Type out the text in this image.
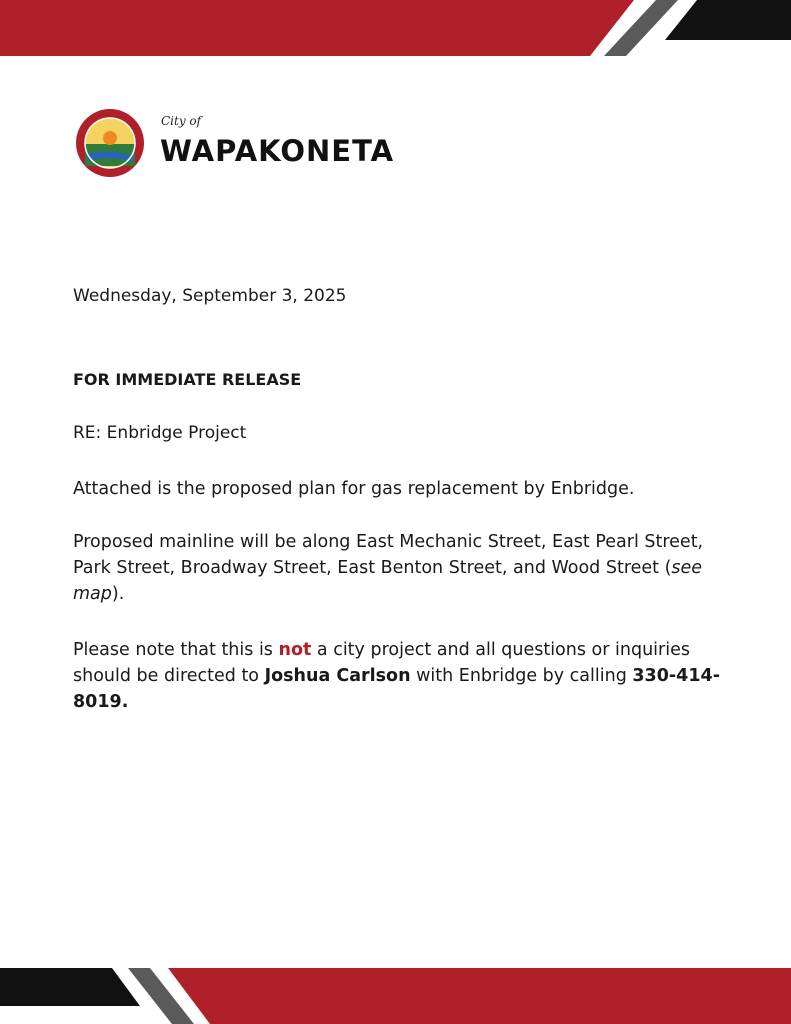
City of
WAPAKONETA
Wednesday, September 3, 2025
FOR IMMEDIATE RELEASE
RE: Enbridge Project

Attached is the proposed plan for gas replacement by Enbridge.

Proposed mainline will be along East Mechanic Street, East Pearl Street, Park Street, Broadway Street, East Benton Street, and Wood Street (see map).

Please note that this is not a city project and all questions or inquiries should be directed to Joshua Carlson with Enbridge by calling 330-414-8019.
